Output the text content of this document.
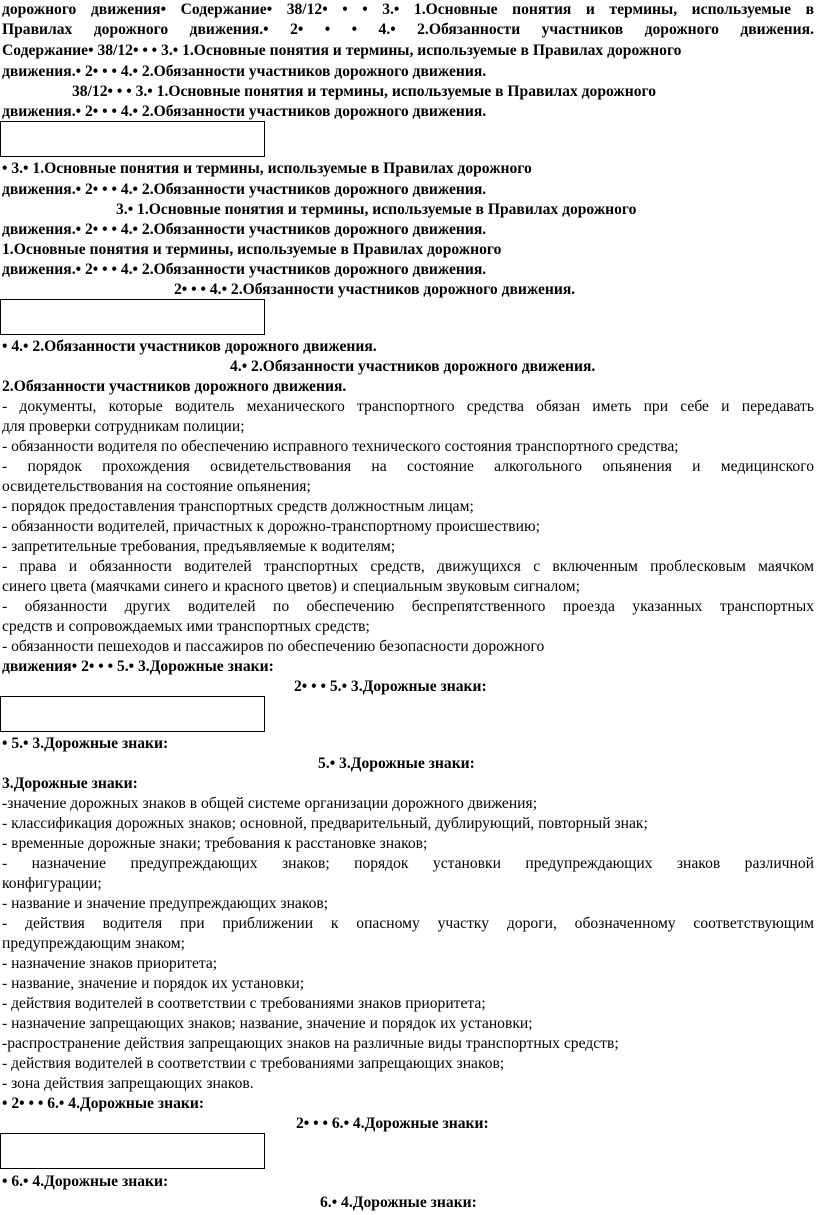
дорожного движения• Содержание• 38/12• • • 3.• 1.Основные понятия и термины, используемые в
Правилах дорожного движения.• 2• • • 4.• 2.Обязанности участников дорожного движения.
Содержание• 38/12• • • 3.• 1.Основные понятия и термины, используемые в Правилах дорожного
движения.• 2• • • 4.• 2.Обязанности участников дорожного движения.
38/12• • • 3.• 1.Основные понятия и термины, используемые в Правилах дорожного
движения.• 2• • • 4.• 2.Обязанности участников дорожного движения.
• 3.• 1.Основные понятия и термины, используемые в Правилах дорожного
движения.• 2• • • 4.• 2.Обязанности участников дорожного движения.
3.• 1.Основные понятия и термины, используемые в Правилах дорожного
движения.• 2• • • 4.• 2.Обязанности участников дорожного движения.
1.Основные понятия и термины, используемые в Правилах дорожного
движения.• 2• • • 4.• 2.Обязанности участников дорожного движения.
2• • • 4.• 2.Обязанности участников дорожного движения.
• 4.• 2.Обязанности участников дорожного движения.
4.• 2.Обязанности участников дорожного движения.
2.Обязанности участников дорожного движения.
- документы, которые водитель механического транспортного средства обязан иметь при себе и передавать
для проверки сотрудникам полиции;
- обязанности водителя по обеспечению исправного технического состояния транспортного средства;
- порядок прохождения освидетельствования на состояние алкогольного опьянения и медицинского
освидетельствования на состояние опьянения;
- порядок предоставления транспортных средств должностным лицам;
- обязанности водителей, причастных к дорожно-транспортному происшествию;
- запретительные требования, предъявляемые к водителям;
- права и обязанности водителей транспортных средств, движущихся с включенным проблесковым маячком
синего цвета (маячками синего и красного цветов) и специальным звуковым сигналом;
- обязанности других водителей по обеспечению беспрепятственного проезда указанных транспортных
средств и сопровождаемых ими транспортных средств;
- обязанности пешеходов и пассажиров по обеспечению безопасности дорожного
движения• 2• • • 5.• 3.Дорожные знаки:
2• • • 5.• 3.Дорожные знаки:
• 5.• 3.Дорожные знаки:
5.• 3.Дорожные знаки:
3.Дорожные знаки:
-значение дорожных знаков в общей системе организации дорожного движения;
- классификация дорожных знаков; основной, предварительный, дублирующий, повторный знак;
- временные дорожные знаки; требования к расстановке знаков;
- назначение предупреждающих знаков; порядок установки предупреждающих знаков различной
конфигурации;
- название и значение предупреждающих знаков;
- действия водителя при приближении к опасному участку дороги, обозначенному соответствующим
предупреждающим знаком;
- назначение знаков приоритета;
- название, значение и порядок их установки;
- действия водителей в соответствии с требованиями знаков приоритета;
- назначение запрещающих знаков; название, значение и порядок их установки;
-распространение действия запрещающих знаков на различные виды транспортных средств;
- действия водителей в соответствии с требованиями запрещающих знаков;
- зона действия запрещающих знаков.
• 2• • • 6.• 4.Дорожные знаки:
2• • • 6.• 4.Дорожные знаки:
• 6.• 4.Дорожные знаки:
6.• 4.Дорожные знаки:
